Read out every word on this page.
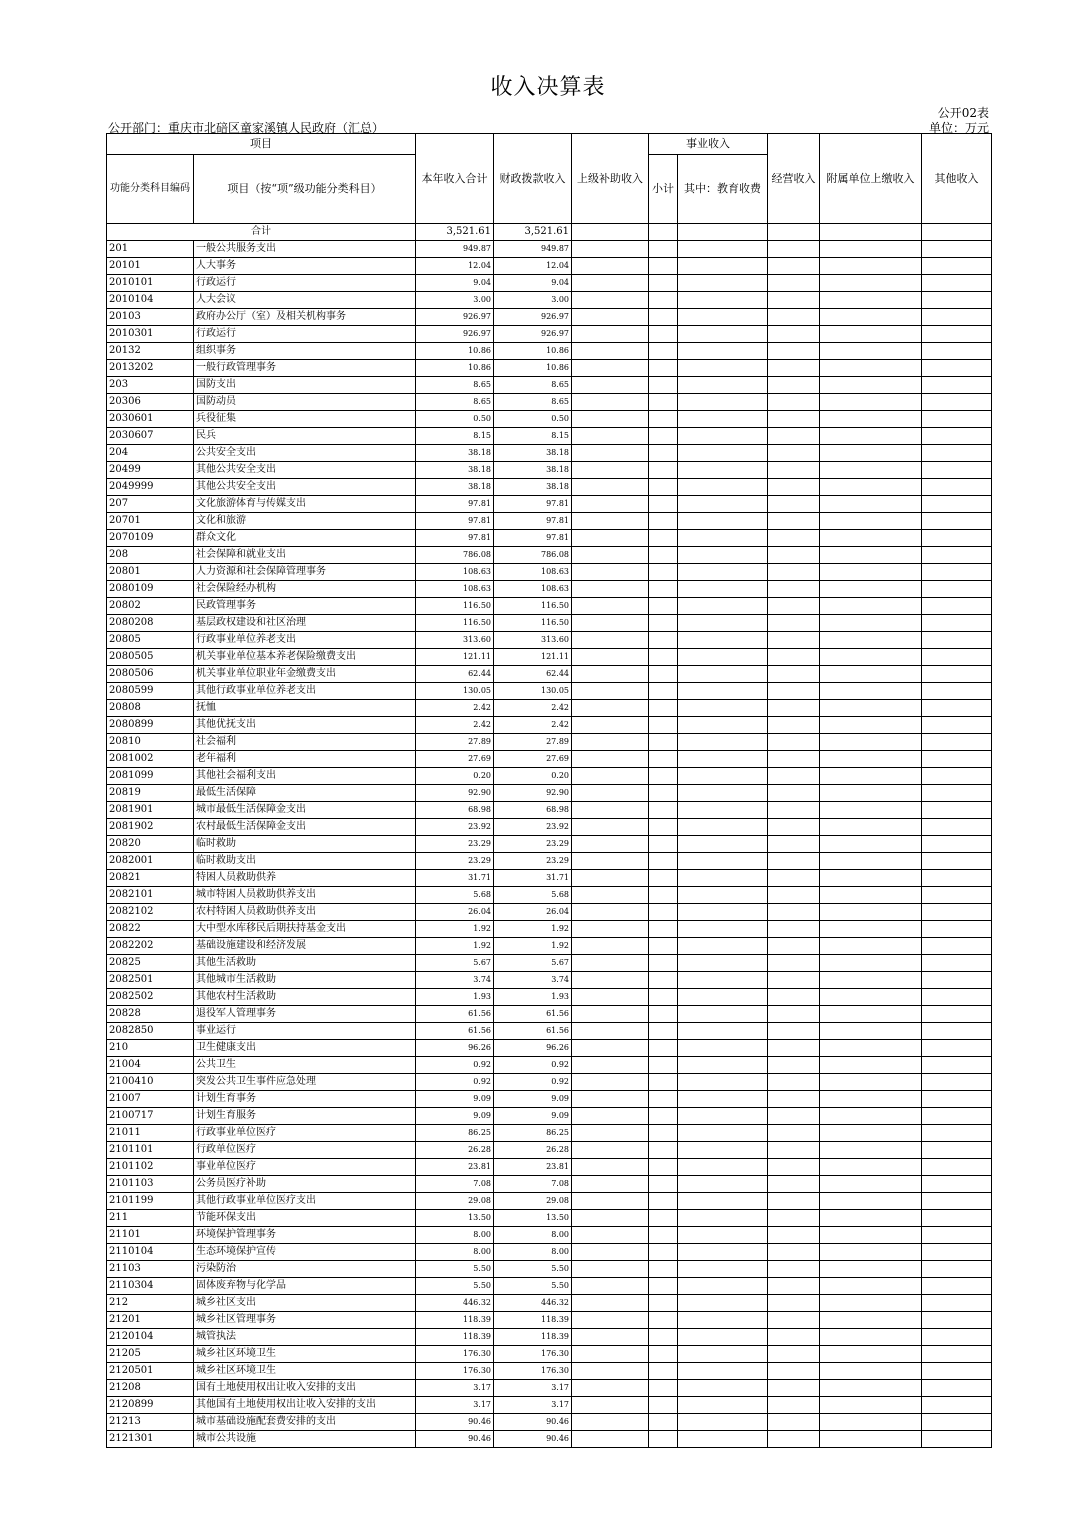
收入决算表
公开02表
公开部门：重庆市北碚区童家溪镇人民政府（汇总）	单位：万元
项目		本年收入合计	财政拨款收入	上级补助收入	事业收入		经营收入	附属单位上缴收入	其他收入
功能分类科目编码	项目（按“项”级功能分类科目）				小计	其中：教育收费			

合计		3,521.61	3,521.61						
201	一般公共服务支出	949.87	949.87						
20101	人大事务	12.04	12.04						
2010101	行政运行	9.04	9.04						
2010104	人大会议	3.00	3.00						
20103	政府办公厅（室）及相关机构事务	926.97	926.97						
2010301	行政运行	926.97	926.97						
20132	组织事务	10.86	10.86						
2013202	一般行政管理事务	10.86	10.86						
203	国防支出	8.65	8.65						
20306	国防动员	8.65	8.65						
2030601	兵役征集	0.50	0.50						
2030607	民兵	8.15	8.15						
204	公共安全支出	38.18	38.18						
20499	其他公共安全支出	38.18	38.18						
2049999	其他公共安全支出	38.18	38.18						
207	文化旅游体育与传媒支出	97.81	97.81						
20701	文化和旅游	97.81	97.81						
2070109	群众文化	97.81	97.81						
208	社会保障和就业支出	786.08	786.08						
20801	人力资源和社会保障管理事务	108.63	108.63						
2080109	社会保险经办机构	108.63	108.63						
20802	民政管理事务	116.50	116.50						
2080208	基层政权建设和社区治理	116.50	116.50						
20805	行政事业单位养老支出	313.60	313.60						
2080505	机关事业单位基本养老保险缴费支出	121.11	121.11						
2080506	机关事业单位职业年金缴费支出	62.44	62.44						
2080599	其他行政事业单位养老支出	130.05	130.05						
20808	抚恤	2.42	2.42						
2080899	其他优抚支出	2.42	2.42						
20810	社会福利	27.89	27.89						
2081002	老年福利	27.69	27.69						
2081099	其他社会福利支出	0.20	0.20						
20819	最低生活保障	92.90	92.90						
2081901	城市最低生活保障金支出	68.98	68.98						
2081902	农村最低生活保障金支出	23.92	23.92						
20820	临时救助	23.29	23.29						
2082001	临时救助支出	23.29	23.29						
20821	特困人员救助供养	31.71	31.71						
2082101	城市特困人员救助供养支出	5.68	5.68						
2082102	农村特困人员救助供养支出	26.04	26.04						
20822	大中型水库移民后期扶持基金支出	1.92	1.92						
2082202	基础设施建设和经济发展	1.92	1.92						
20825	其他生活救助	5.67	5.67						
2082501	其他城市生活救助	3.74	3.74						
2082502	其他农村生活救助	1.93	1.93						
20828	退役军人管理事务	61.56	61.56						
2082850	事业运行	61.56	61.56						
210	卫生健康支出	96.26	96.26						
21004	公共卫生	0.92	0.92						
2100410	突发公共卫生事件应急处理	0.92	0.92						
21007	计划生育事务	9.09	9.09						
2100717	计划生育服务	9.09	9.09						
21011	行政事业单位医疗	86.25	86.25						
2101101	行政单位医疗	26.28	26.28						
2101102	事业单位医疗	23.81	23.81						
2101103	公务员医疗补助	7.08	7.08						
2101199	其他行政事业单位医疗支出	29.08	29.08						
211	节能环保支出	13.50	13.50						
21101	环境保护管理事务	8.00	8.00						
2110104	生态环境保护宣传	8.00	8.00						
21103	污染防治	5.50	5.50						
2110304	固体废弃物与化学品	5.50	5.50						
212	城乡社区支出	446.32	446.32						
21201	城乡社区管理事务	118.39	118.39						
2120104	城管执法	118.39	118.39						
21205	城乡社区环境卫生	176.30	176.30						
2120501	城乡社区环境卫生	176.30	176.30						
21208	国有土地使用权出让收入安排的支出	3.17	3.17						
2120899	其他国有土地使用权出让收入安排的支出	3.17	3.17						
21213	城市基础设施配套费安排的支出	90.46	90.46						
2121301	城市公共设施	90.46	90.46						
